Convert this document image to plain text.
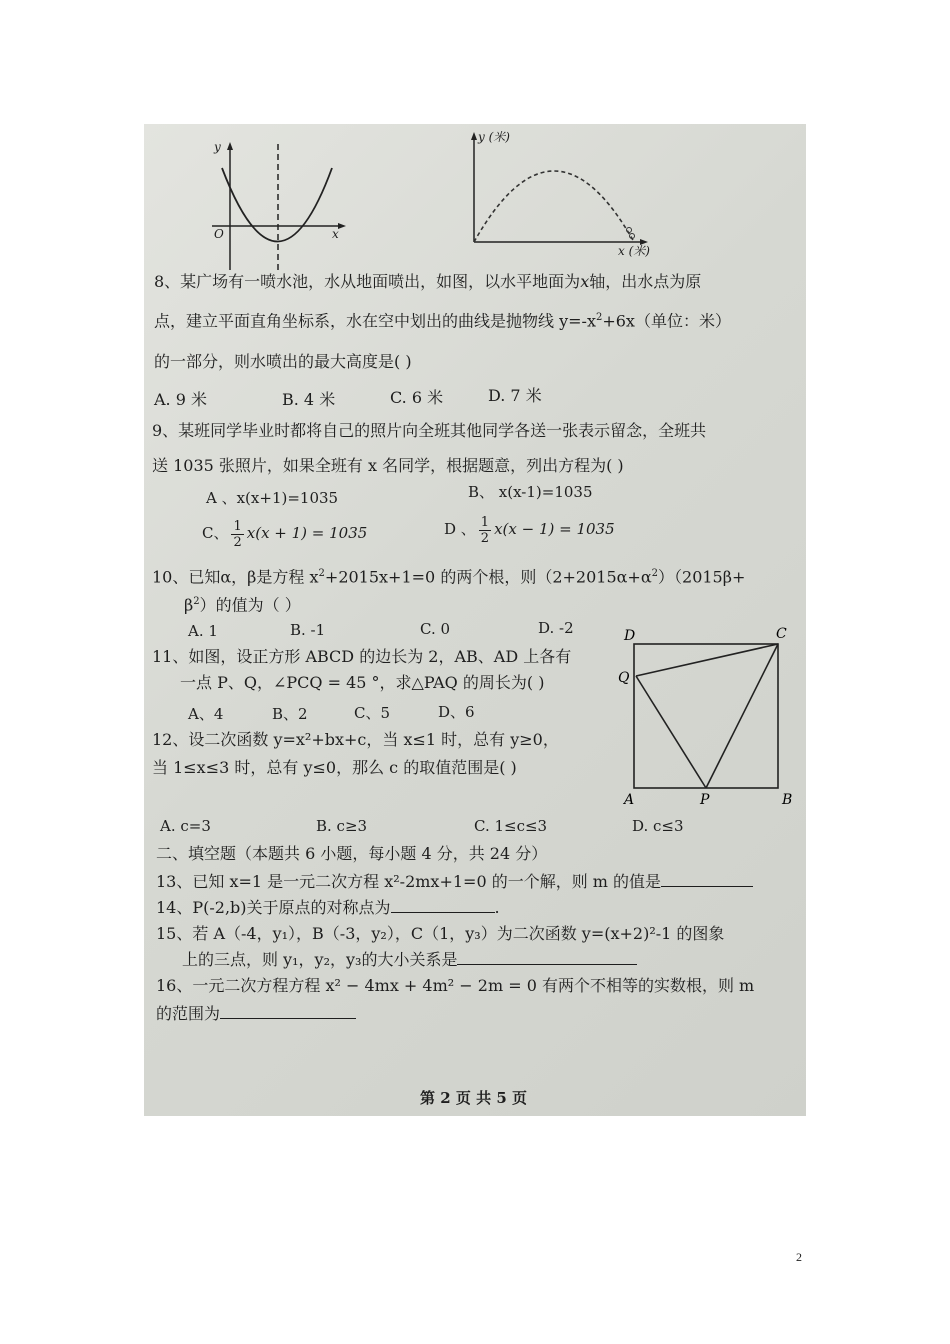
y
x
O
y (米)
x (米)
8、某广场有一喷水池，水从地面喷出，如图，以水平地面为x轴，出水点为原
点，建立平面直角坐标系，水在空中划出的曲线是抛物线 $y=-x^2+6x$（单位：米）
的一部分，则水喷出的最大高度是( )
A. 9 米	B. 4 米	C. 6 米	D. 7 米
9、某班同学毕业时都将自己的照片向全班其他同学各送一张表示留念，全班共
送 1035 张照片，如果全班有 x 名同学，根据题意，列出方程为( )
A 、x(x+1)=1035	B、 x(x-1)=1035
C、 $\frac{1}{2} x(x + 1) = 1035$	D 、 $\frac{1}{2} x(x - 1) = 1035$
10、已知α，β是方程 $x^2+2015x+1=0$ 的两个根，则$(2+2015\alpha+\alpha^2)(2015\beta+$
$\beta^2$）的值为（ ）
A. 1	B. -1	C. 0	D. -2	D	C
Q
A	P	B
11、如图，设正方形 ABCD 的边长为 2，AB、AD 上各有
一点 P、Q，∠PCQ = 45 °，求△PAQ 的周长为( )
A、4	B、2	C、5	D、6
12、设二次函数 y=x²+bx+c，当 x≤1 时，总有 y≥0，
当 1≤x≤3 时，总有 y≤0，那么 c 的取值范围是( )
A. c=3	B. c≥3	C. 1≤c≤3	D. c≤3
二、填空题（本题共 6 小题，每小题 4 分，共 24 分）
13、已知 x=1 是一元二次方程 x²-2mx+1=0 的一个解，则 m 的值是
14、P(-2,b)关于原点的对称点为	.
15、若 A（-4，y₁），B（-3，y₂），C（1，y₃）为二次函数 y=(x+2)²-1 的图象
上的三点，则 y₁，y₂，y₃的大小关系是
16、一元二次方程方程 x² − 4mx + 4m² − 2m = 0 有两个不相等的实数根，则 m
的范围为
第 2 页 共 5 页
2
